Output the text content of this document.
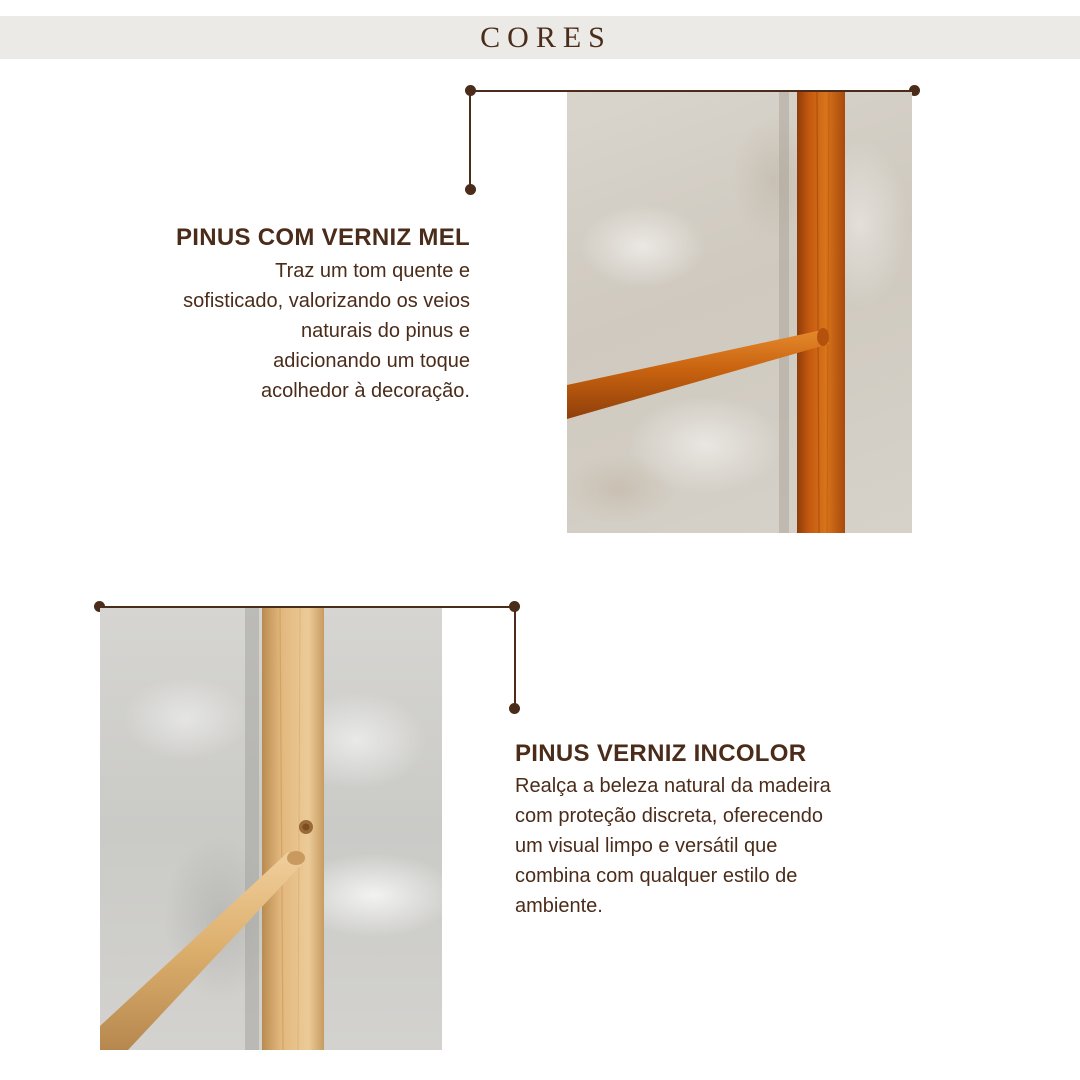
CORES
PINUS COM VERNIZ MEL

Traz um tom quente e

sofisticado, valorizando os veios

naturais do pinus e

adicionando um toque

acolhedor à decoração.

PINUS VERNIZ INCOLOR

Realça a beleza natural da madeira

com proteção discreta, oferecendo

um visual limpo e versátil que

combina com qualquer estilo de

ambiente.
